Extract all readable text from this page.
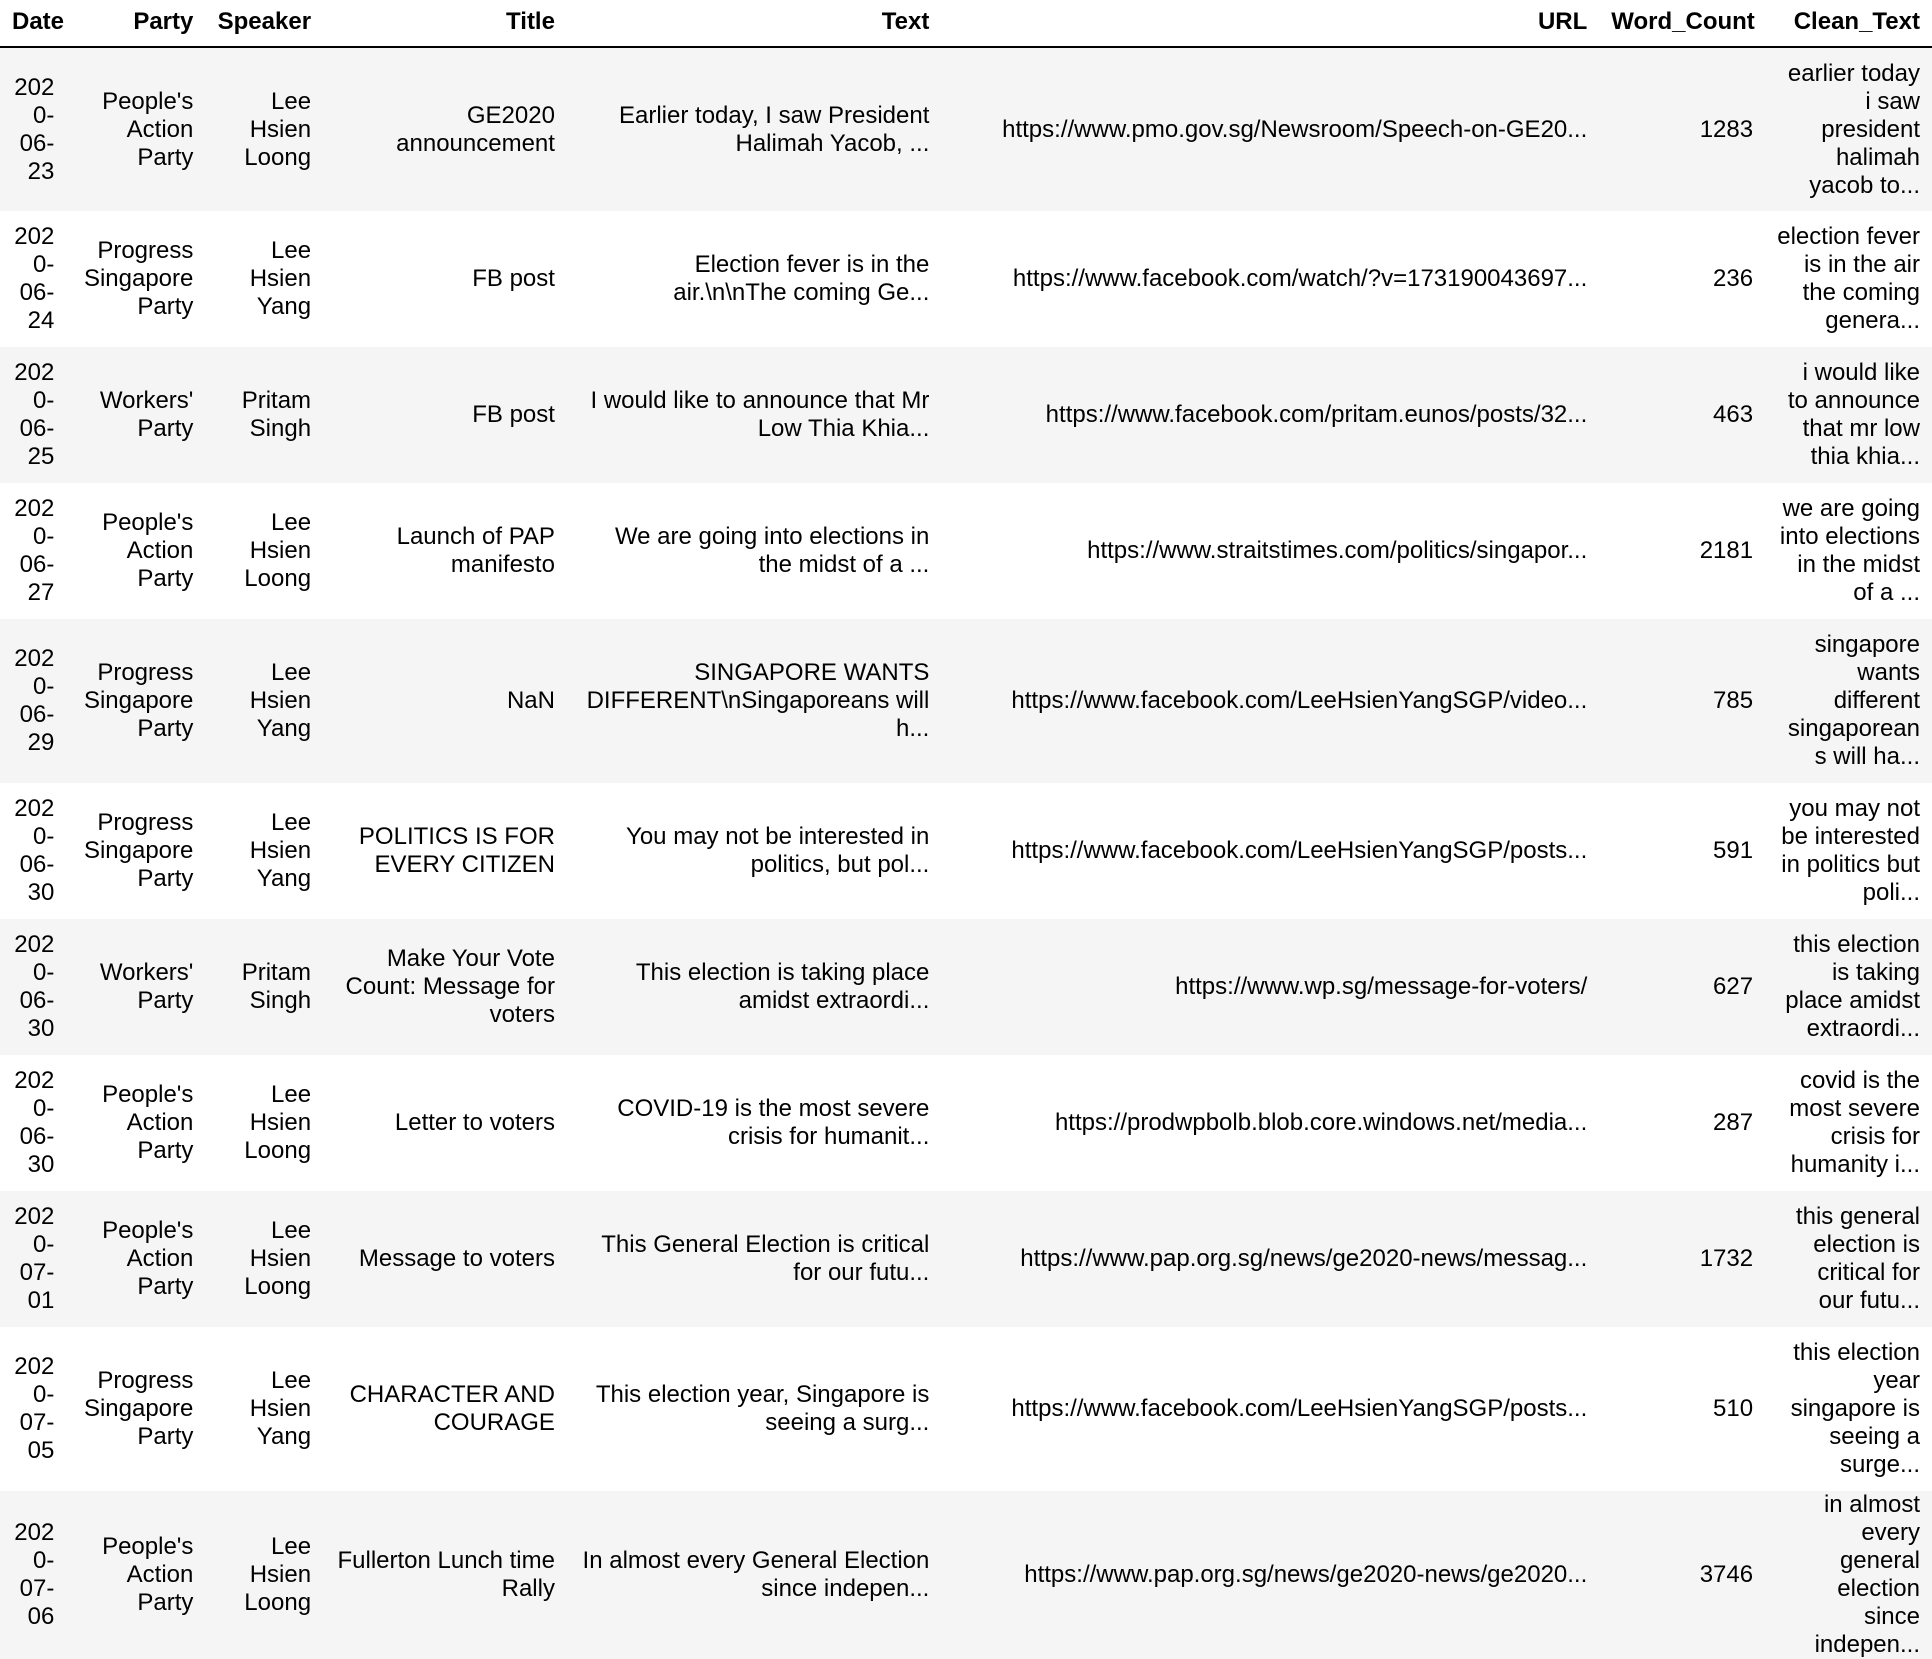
Date	Party	Speaker	Title	Text	URL	Word_Count	Clean_Text
2020-06-23	People's Action Party	Lee Hsien Loong	GE2020 announcement	Earlier today, I saw President Halimah Yacob, ...	https://www.pmo.gov.sg/Newsroom/Speech-on-GE20...	1283	earlier today i saw president halimah yacob to...
2020-06-24	Progress Singapore Party	Lee Hsien Yang	FB post	Election fever is in the air.\n\nThe coming Ge...	https://www.facebook.com/watch/?v=173190043697...	236	election fever is in the air the coming genera...
2020-06-25	Workers' Party	Pritam Singh	FB post	I would like to announce that Mr Low Thia Khia...	https://www.facebook.com/pritam.eunos/posts/32...	463	i would like to announce that mr low thia khia...
2020-06-27	People's Action Party	Lee Hsien Loong	Launch of PAP manifesto	We are going into elections in the midst of a ...	https://www.straitstimes.com/politics/singapor...	2181	we are going into elections in the midst of a ...
2020-06-29	Progress Singapore Party	Lee Hsien Yang	NaN	SINGAPORE WANTS DIFFERENT\nSingaporeans will h...	https://www.facebook.com/LeeHsienYangSGP/video...	785	singapore wants different singaporeans will ha...
2020-06-30	Progress Singapore Party	Lee Hsien Yang	POLITICS IS FOR EVERY CITIZEN	You may not be interested in politics, but pol...	https://www.facebook.com/LeeHsienYangSGP/posts...	591	you may not be interested in politics but poli...
2020-06-30	Workers' Party	Pritam Singh	Make Your Vote Count: Message for voters	This election is taking place amidst extraordi...	https://www.wp.sg/message-for-voters/	627	this election is taking place amidst extraordi...
2020-06-30	People's Action Party	Lee Hsien Loong	Letter to voters	COVID-19 is the most severe crisis for humanit...	https://prodwpbolb.blob.core.windows.net/media...	287	covid is the most severe crisis for humanity i...
2020-07-01	People's Action Party	Lee Hsien Loong	Message to voters	This General Election is critical for our futu...	https://www.pap.org.sg/news/ge2020-news/messag...	1732	this general election is critical for our futu...
2020-07-05	Progress Singapore Party	Lee Hsien Yang	CHARACTER AND COURAGE	This election year, Singapore is seeing a surg...	https://www.facebook.com/LeeHsienYangSGP/posts...	510	this election year singapore is seeing a surge...
2020-07-06	People's Action Party	Lee Hsien Loong	Fullerton Lunch time Rally	In almost every General Election since indepen...	https://www.pap.org.sg/news/ge2020-news/ge2020...	3746	in almost every general election since indepen...
